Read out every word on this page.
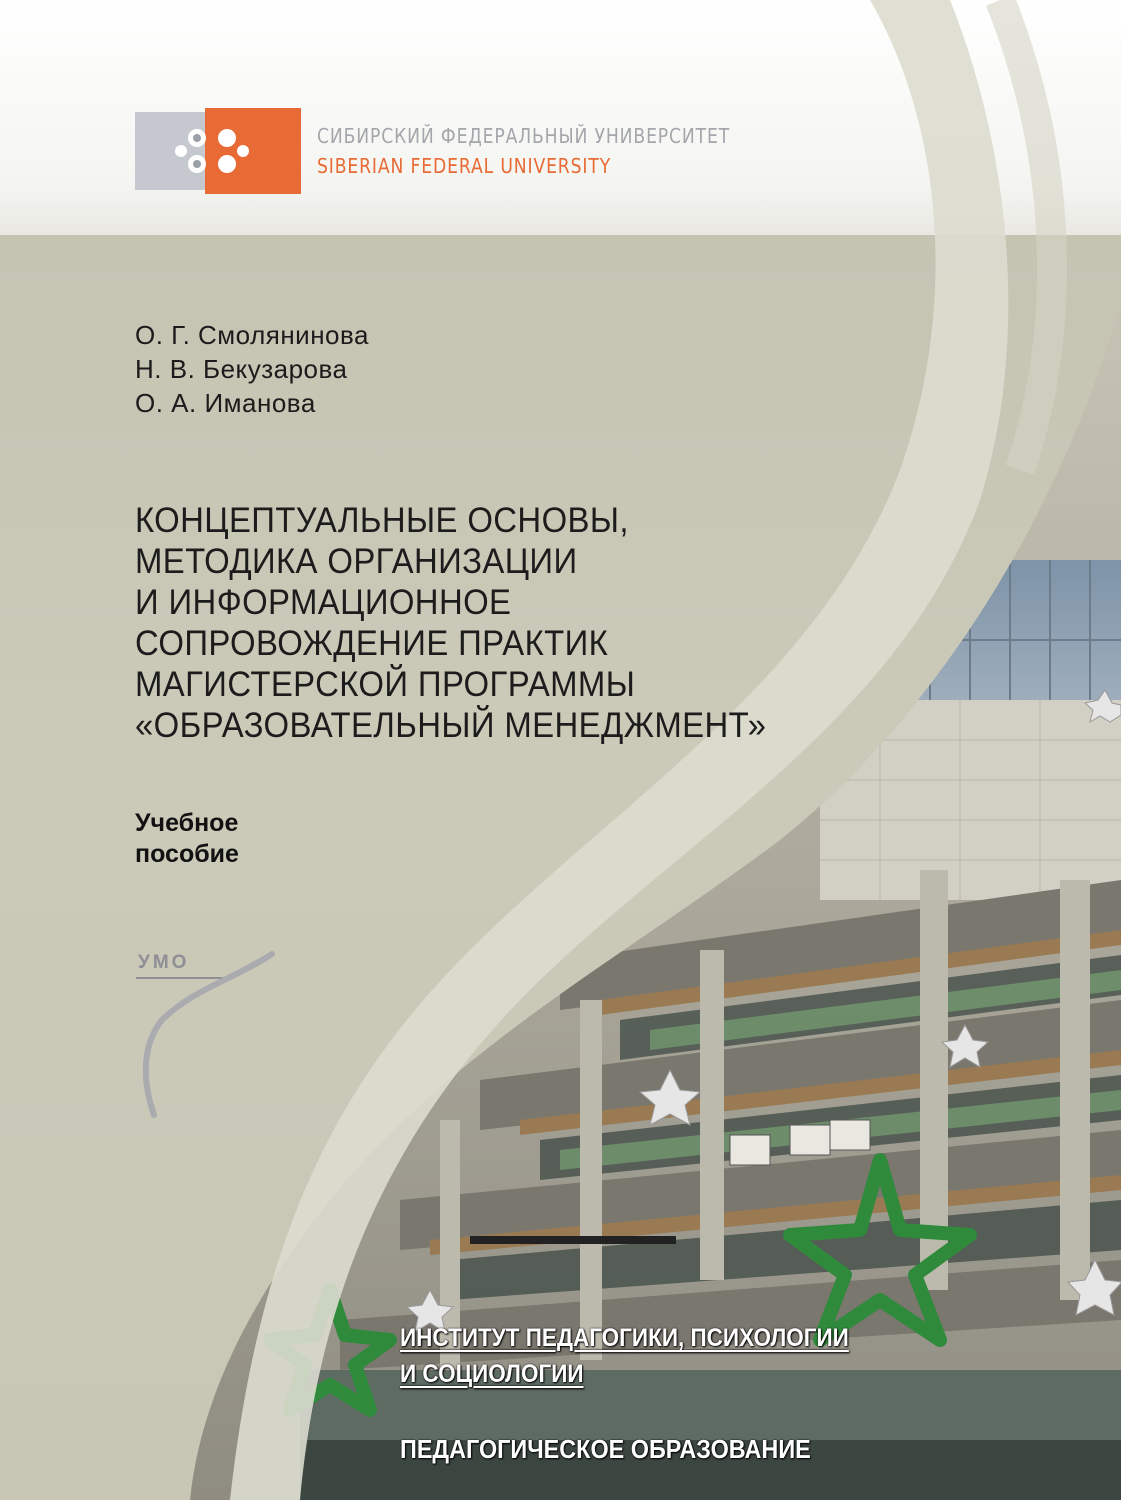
СИБИРСКИЙ ФЕДЕРАЛЬНЫЙ УНИВЕРСИТЕТ
SIBERIAN FEDERAL UNIVERSITY
О. Г. Смолянинова
Н. В. Бекузарова
О. А. Иманова
КОНЦЕПТУАЛЬНЫЕ ОСНОВЫ,
МЕТОДИКА ОРГАНИЗАЦИИ
И ИНФОРМАЦИОННОЕ
СОПРОВОЖДЕНИЕ ПРАКТИК
МАГИСТЕРСКОЙ ПРОГРАММЫ
«ОБРАЗОВАТЕЛЬНЫЙ МЕНЕДЖМЕНТ»
Учебное
пособие
УМО
ИНСТИТУТ ПЕДАГОГИКИ, ПСИХОЛОГИИ
И СОЦИОЛОГИИ
ПЕДАГОГИЧЕСКОЕ ОБРАЗОВАНИЕ
